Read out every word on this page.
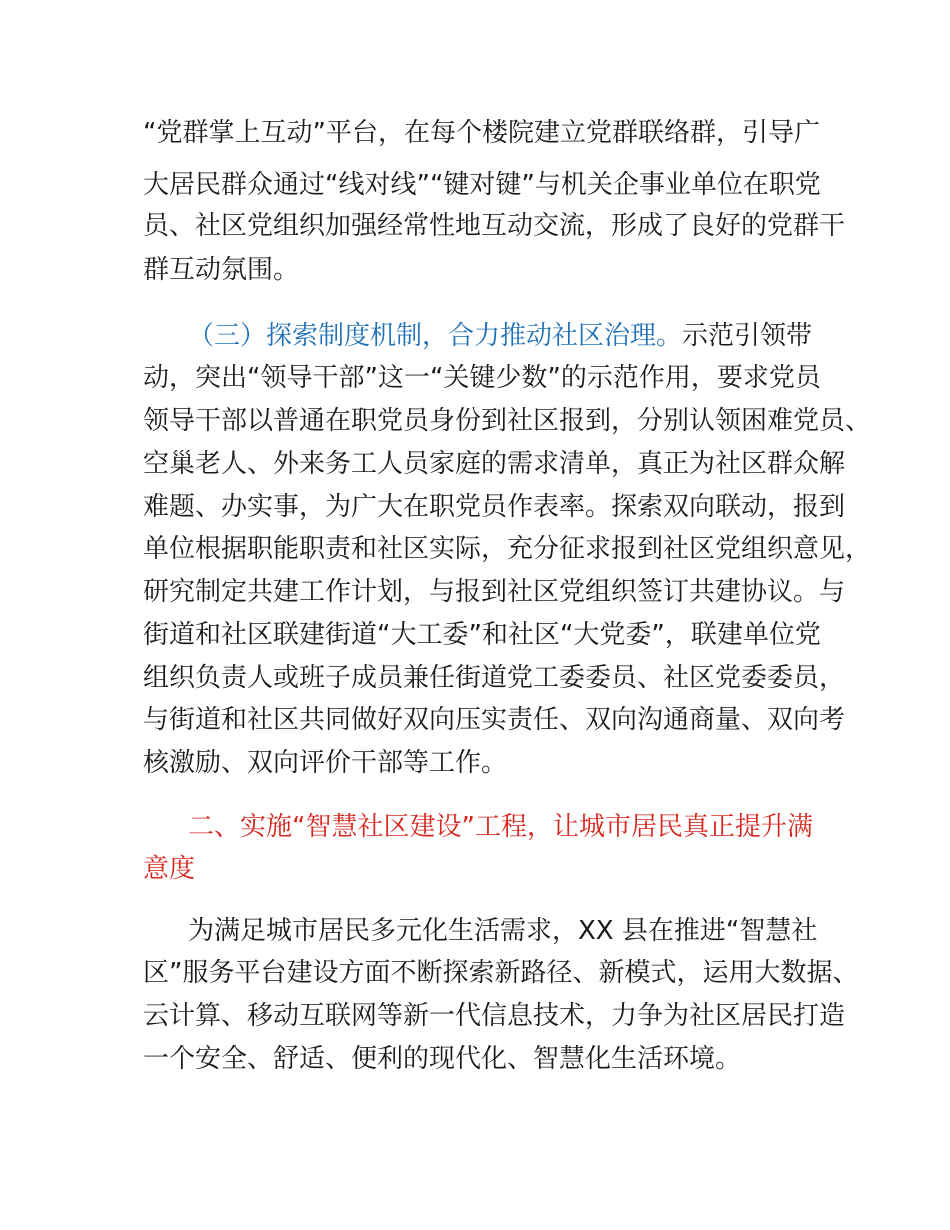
“党群掌上互动”平台，在每个楼院建立党群联络群，引导广
大居民群众通过“线对线”“键对键”与机关企事业单位在职党
员、社区党组织加强经常性地互动交流，形成了良好的党群干
群互动氛围。
（三）探索制度机制，合力推动社区治理。示范引领带
动，突出“领导干部”这一“关键少数”的示范作用，要求党员
领导干部以普通在职党员身份到社区报到，分别认领困难党员、
空巢老人、外来务工人员家庭的需求清单，真正为社区群众解
难题、办实事，为广大在职党员作表率。探索双向联动，报到
单位根据职能职责和社区实际，充分征求报到社区党组织意见，
研究制定共建工作计划，与报到社区党组织签订共建协议。与
街道和社区联建街道“大工委”和社区“大党委”，联建单位党
组织负责人或班子成员兼任街道党工委委员、社区党委委员，
与街道和社区共同做好双向压实责任、双向沟通商量、双向考
核激励、双向评价干部等工作。
二、实施“智慧社区建设”工程，让城市居民真正提升满
意度
为满足城市居民多元化生活需求，XX 县在推进“智慧社
区”服务平台建设方面不断探索新路径、新模式，运用大数据、
云计算、移动互联网等新一代信息技术，力争为社区居民打造
一个安全、舒适、便利的现代化、智慧化生活环境。
